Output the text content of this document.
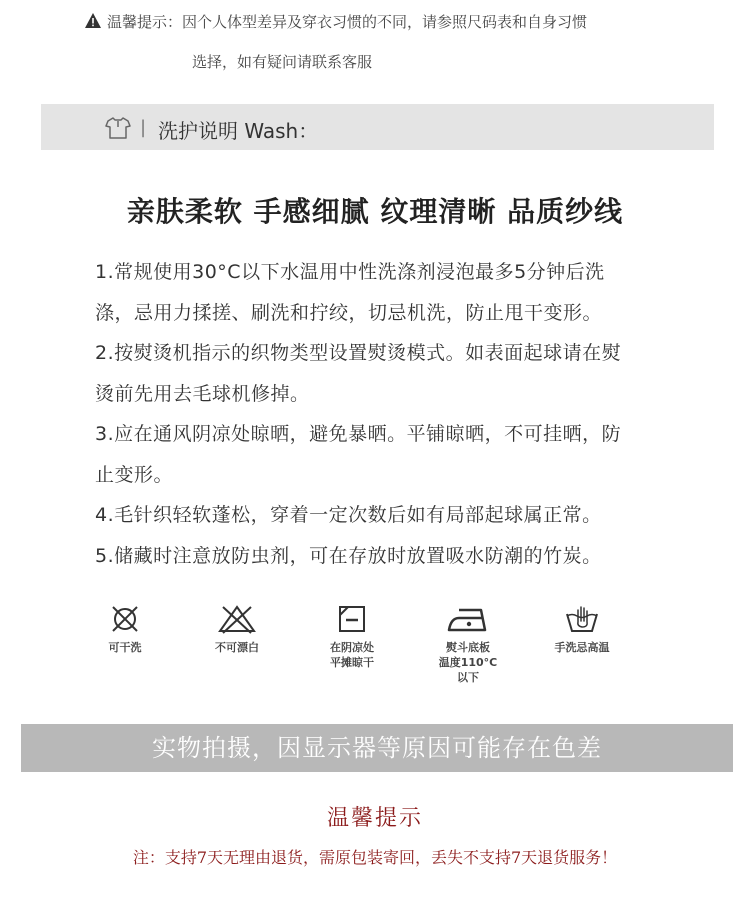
温馨提示：因个人体型差异及穿衣习惯的不同，请参照尺码表和自身习惯
选择，如有疑问请联系客服
| 洗护说明 Wash：
亲肤柔软 手感细腻 纹理清晰 品质纱线
1.常规使用30°C以下水温用中性洗涤剂浸泡最多5分钟后洗
涤，忌用力揉搓、刷洗和拧绞，切忌机洗，防止甩干变形。
2.按熨烫机指示的织物类型设置熨烫模式。如表面起球请在熨
烫前先用去毛球机修掉。
3.应在通风阴凉处晾晒，避免暴晒。平铺晾晒，不可挂晒，防
止变形。
4.毛针织轻软蓬松，穿着一定次数后如有局部起球属正常。
5.储藏时注意放防虫剂，可在存放时放置吸水防潮的竹炭。
可干洗	不可漂白	在阴凉处
平摊晾干
熨斗底板
温度110°C
以下
手洗忌高温
实物拍摄，因显示器等原因可能存在色差
温馨提示
注：支持7天无理由退货，需原包装寄回，丢失不支持7天退货服务！
